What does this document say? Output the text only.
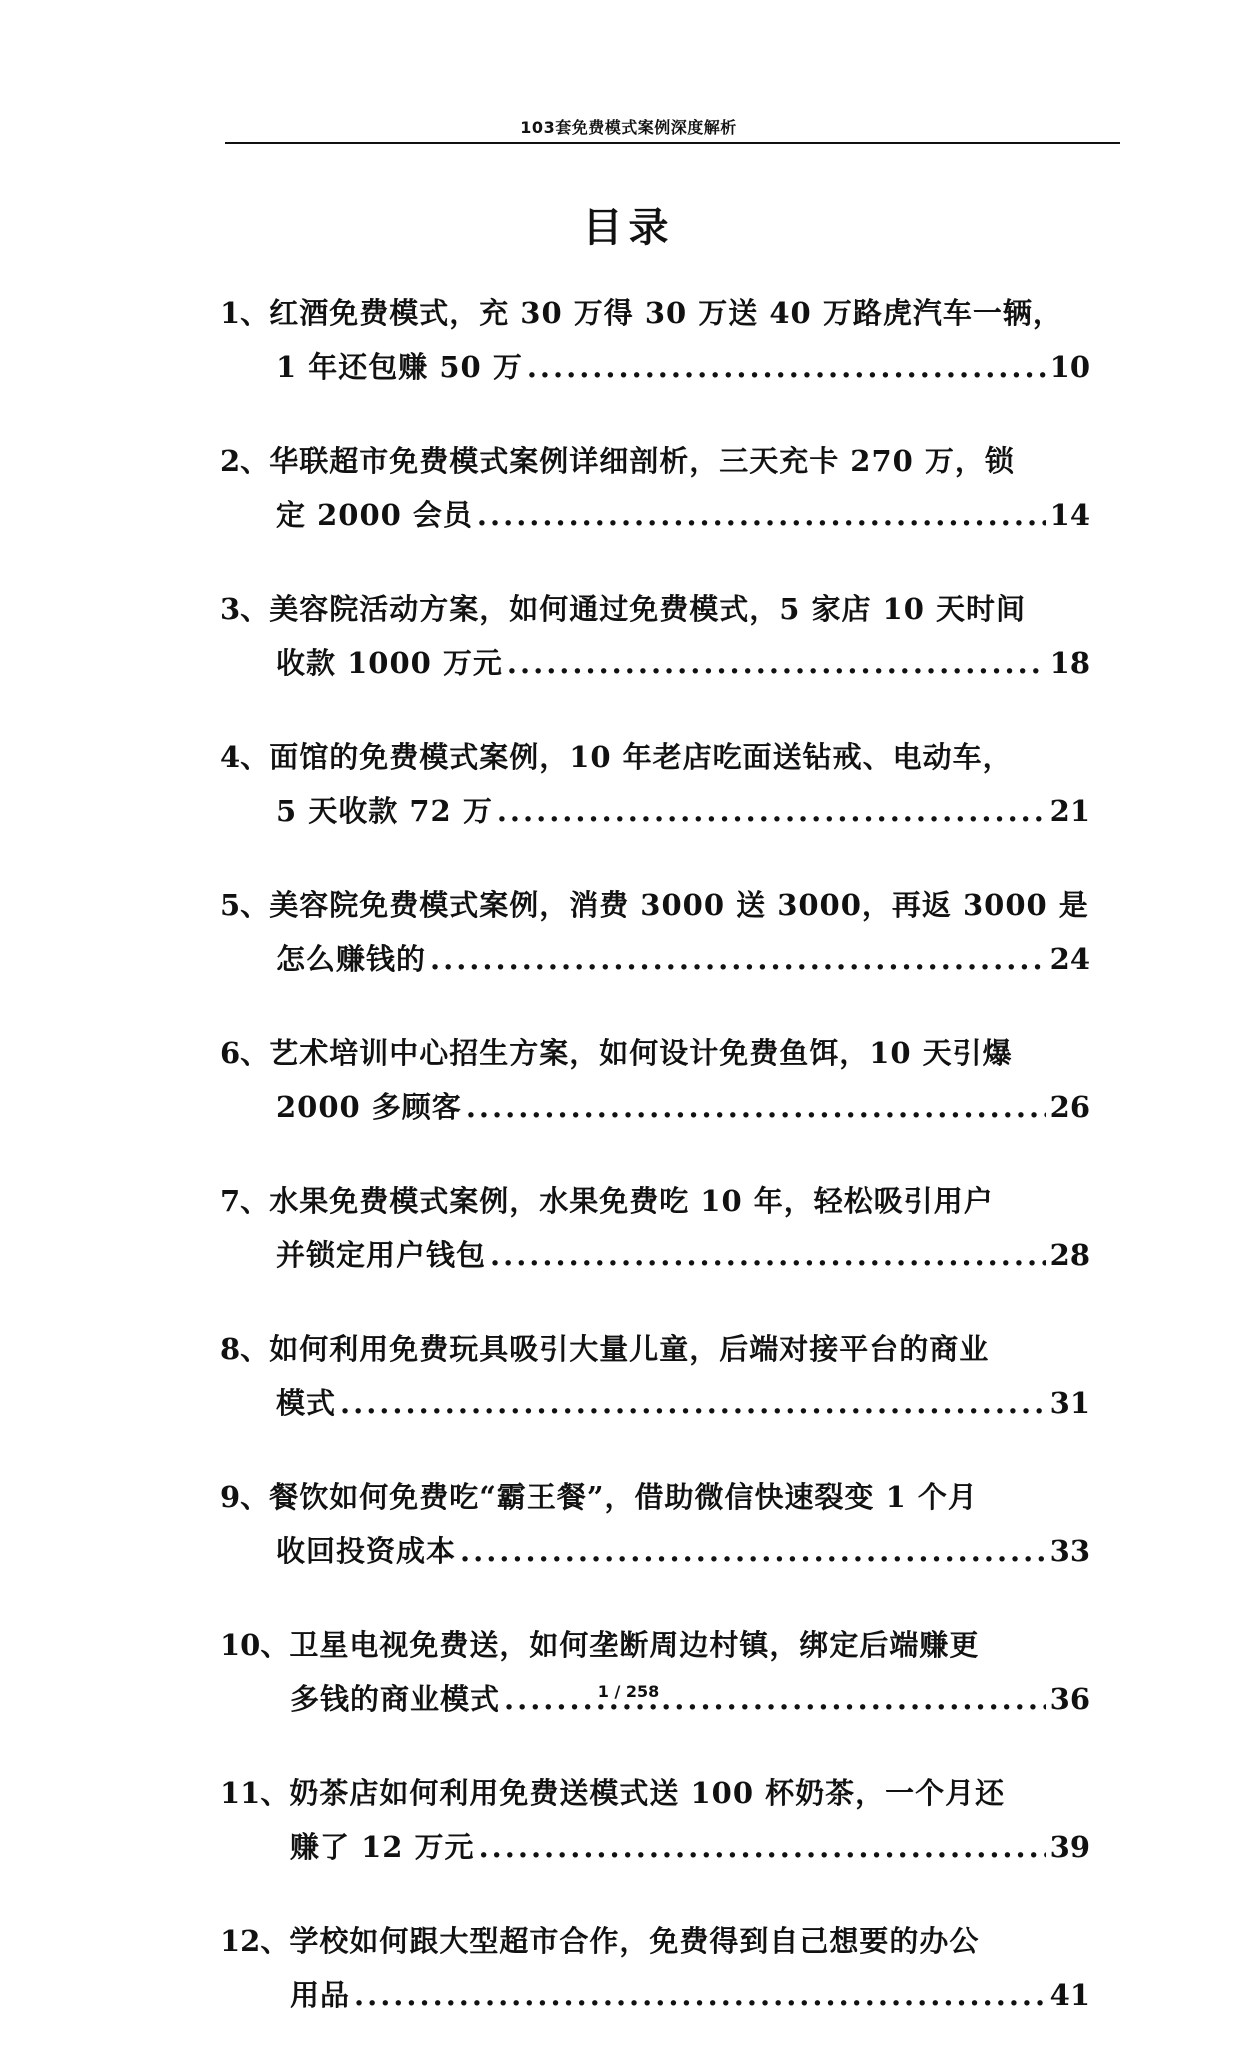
103套免费模式案例深度解析
目录
1、 红酒免费模式，充 30 万得 30 万送 40 万路虎汽车一辆，
1 年还包赚 50 万 .....	10
2、 华联超市免费模式案例详细剖析，三天充卡 270 万，锁
定 2000 会员 .....	14
3、 美容院活动方案，如何通过免费模式，5 家店 10 天时间
收款 1000 万元 .....	18
4、 面馆的免费模式案例，10 年老店吃面送钻戒、电动车，
5 天收款 72 万 .....	21
5、 美容院免费模式案例，消费 3000 送 3000，再返 3000 是
怎么赚钱的 .....	24
6、 艺术培训中心招生方案，如何设计免费鱼饵，10 天引爆
2000 多顾客 .....	26
7、 水果免费模式案例，水果免费吃 10 年，轻松吸引用户
并锁定用户钱包 .....	28
8、 如何利用免费玩具吸引大量儿童，后端对接平台的商业
模式 .....	31
9、 餐饮如何免费吃“霸王餐”，借助微信快速裂变 1 个月
收回投资成本 .....	33
10、 卫星电视免费送，如何垄断周边村镇，绑定后端赚更
多钱的商业模式 .....	36
11、 奶茶店如何利用免费送模式送 100 杯奶茶，一个月还
赚了 12 万元 .....	39
12、 学校如何跟大型超市合作，免费得到自己想要的办公
用品 .....	41
1 / 258
